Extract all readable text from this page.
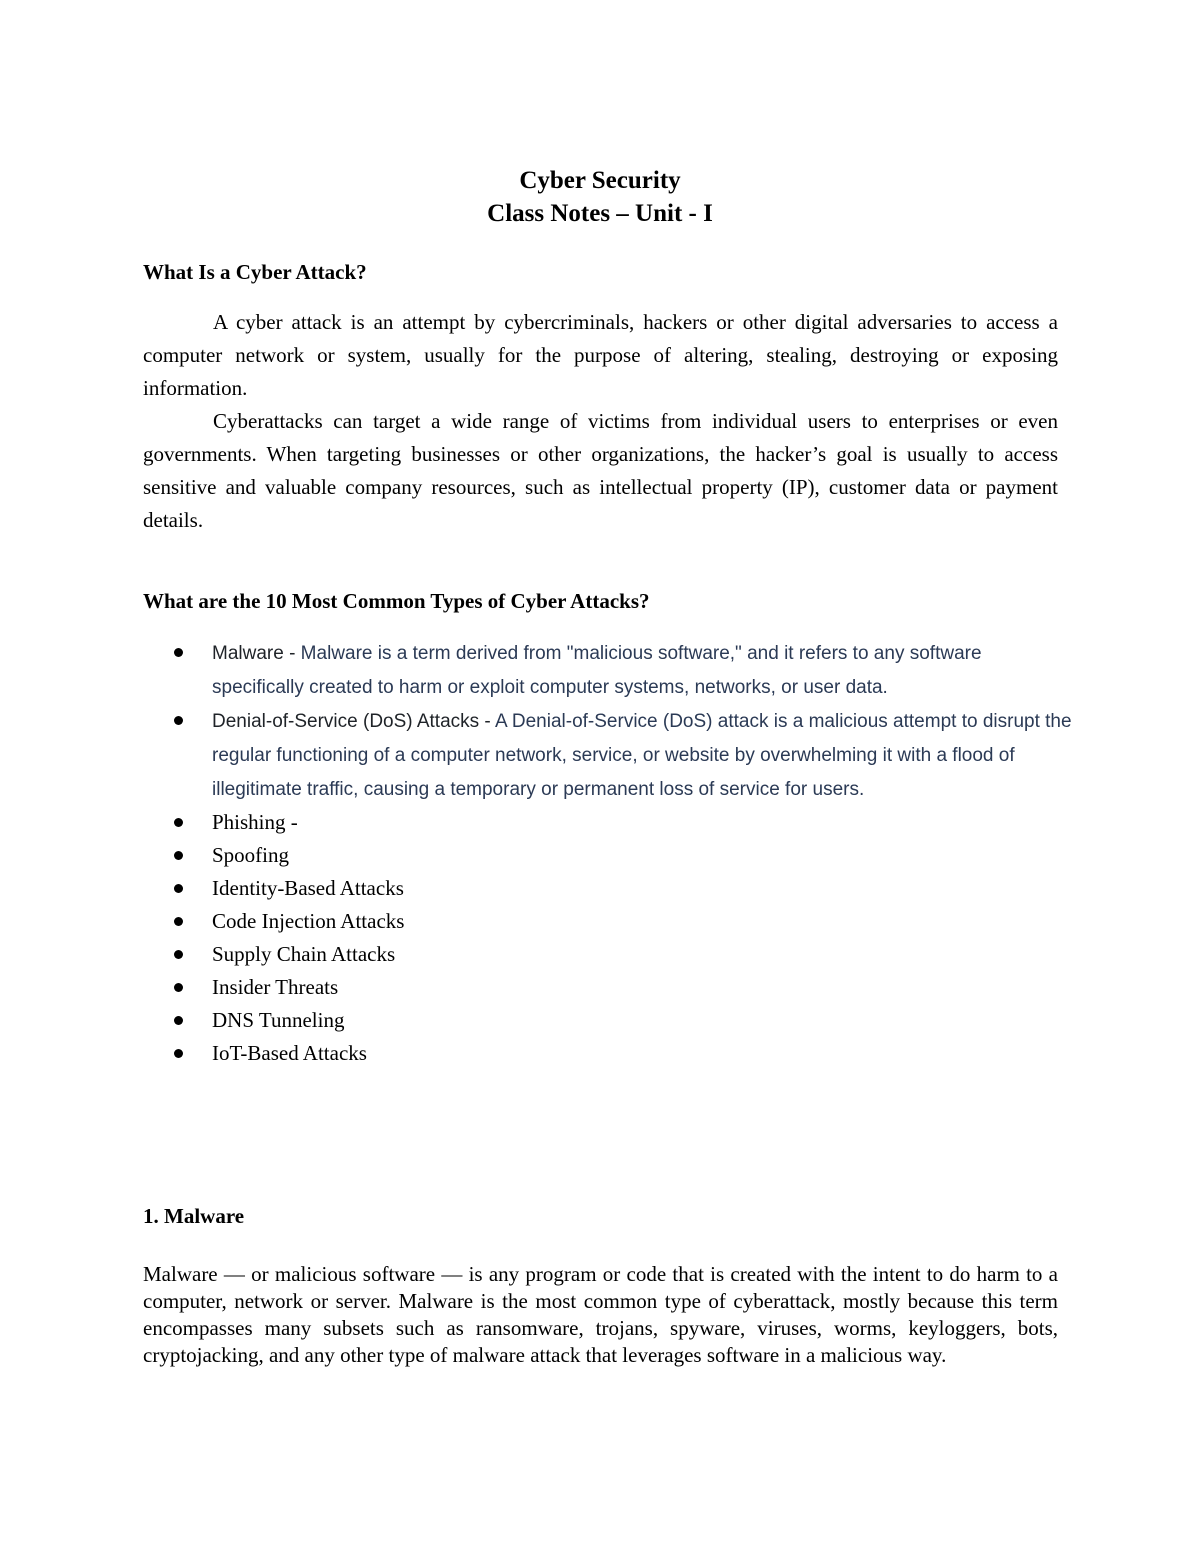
Cyber Security
Class Notes – Unit - I
What Is a Cyber Attack?

A cyber attack is an attempt by cybercriminals, hackers or other digital adversaries to access a computer network or system, usually for the purpose of altering, stealing, destroying or exposing information.

Cyberattacks can target a wide range of victims from individual users to enterprises or even governments. When targeting businesses or other organizations, the hacker’s goal is usually to access sensitive and valuable company resources, such as intellectual property (IP), customer data or payment details.

What are the 10 Most Common Types of Cyber Attacks?
Malware - Malware is a term derived from "malicious software," and it refers to any software specifically created to harm or exploit computer systems, networks, or user data.
Denial-of-Service (DoS) Attacks - A Denial-of-Service (DoS) attack is a malicious attempt to disrupt the regular functioning of a computer network, service, or website by overwhelming it with a flood of illegitimate traffic, causing a temporary or permanent loss of service for users.
Phishing -
Spoofing
Identity-Based Attacks
Code Injection Attacks
Supply Chain Attacks
Insider Threats
DNS Tunneling
IoT-Based Attacks
1. Malware

Malware — or malicious software — is any program or code that is created with the intent to do harm to a computer, network or server. Malware is the most common type of cyberattack, mostly because this term encompasses many subsets such as ransomware, trojans, spyware, viruses, worms, keyloggers, bots, cryptojacking, and any other type of malware attack that leverages software in a malicious way.
